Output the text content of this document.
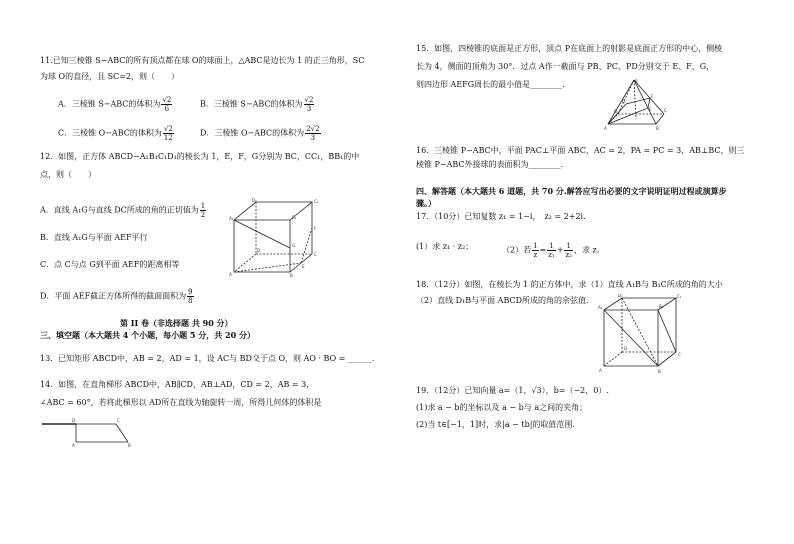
11.已知三棱锥 S−ABC的所有顶点都在球 O的球面上，△ABC是边长为 1 的正三角形，SC
为球 O的直径，且 SC=2，则（　　）
A．三棱锥 S−ABC的体积为 $\frac{√2}{6}$	B．三棱锥 S−ABC的体积为 $\frac{√2}{3}$
C．三棱锥 O−ABC的体积为 $\frac{√2}{12}$	D．三棱锥 O−ABC的体积为 $\frac{2√2}{3}$
12．如图，正方体 ABCD−A₁B₁C₁D₁的棱长为 1，E，F，G分别为 BC，CC₁，BB₁的中
点，则（　　）
A．直线 A₁G与直线 DC所成的角的正切值为 $\frac{1}{2}$
B．直线 A₁G与平面 AEF平行
C．点 C与点 G到平面 AEF的距离相等
D．平面 AEF截正方体所得的截面面积为 $\frac{9}{8}$
A₁
D₁	C₁
B₁
A	B
C
D
E
F
G
第 II 卷（非选择题 共 90 分）
三、填空题（本大题共 4 个小题，每小题 5 分，共 20 分）
13．已知矩形 ABCD中，AB = 2，AD = 1，设 AC与 BD交于点 O，则 AO · BO = ______.
14．如图，在直角梯形 ABCD中，AB∥CD，AB⊥AD，CD = 2，AB = 3，
∠ABC = 60°，若将此梯形以 AD所在直线为轴旋转一周，所得几何体的体积是
A	B
C
D
15．如图，四棱锥的底面是正方形，顶点 P在底面上的射影是底面正方形的中心，侧棱
长为 4，侧面的顶角为 30°．过点 A作一截面与 PB、PC、PD分别交于 E、F、G，
则四边形 AEFG周长的最小值是________.	P
A	B
C
D	E
F
G
16．三棱锥 P−ABC中，平面 PAC⊥平面 ABC，AC = 2，PA = PC = 3，AB⊥BC，则三
棱锥 P−ABC外接球的表面积为________.
四、解答题（本大题共 6 道题，共 70 分.解答应写出必要的文字说明证明过程或演算步
骤。）
17．（10分）已知复数 z₁ = 1−i，　z₂ = 2+2i.
(1）求 z₁ · z₂；	（2）若 $\frac{1}{z} = \frac{1}{\text{z₁}} + \frac{1}{\text{z₂}}$ ，求 z.
18．（12分）如图，在棱长为 1 的正方体中，求（1）直线 A₁B与 B₁C所成的角的大小
（2）直线 D₁B与平面 ABCD所成的角的余弦值.
A	B
C
D
A₁	B₁
C₁
D₁
19．（12分）已知向量 a=（1，√3），b=（−2，0）.
(1)求 a − b的坐标以及 a − b与 a之间的夹角；
(2)当 t∈[−1，1]时，求|a − tb|的取值范围.
